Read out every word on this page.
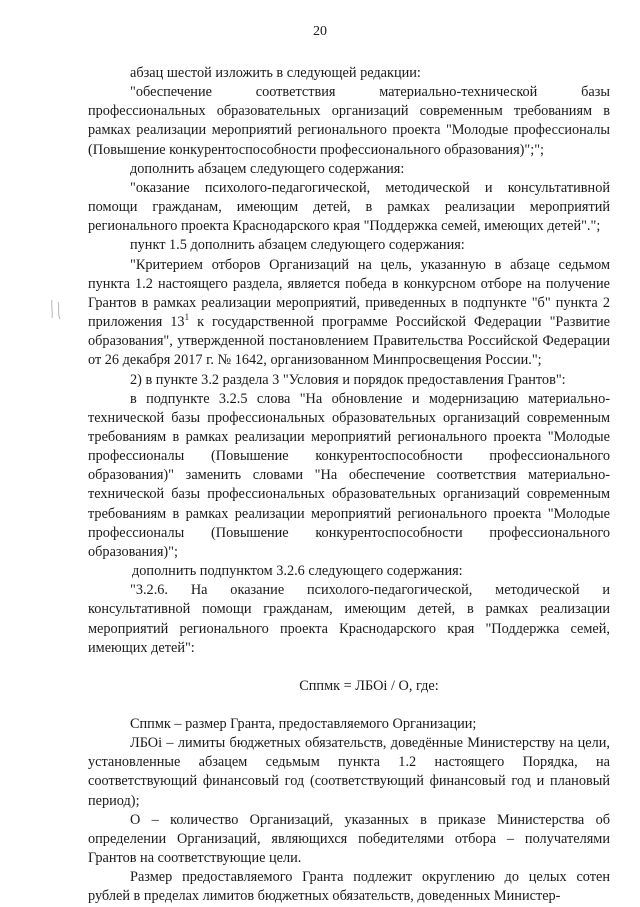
20

абзац шестой изложить в следующей редакции:

"обеспечение соответствия материально-технической базы профессиональных образовательных организаций современным требованиям в рамках реализации мероприятий регионального проекта "Молодые профессионалы (Повышение конкурентоспособности профессионального образования)";";

дополнить абзацем следующего содержания:

"оказание психолого-педагогической, методической и консультативной помощи гражданам, имеющим детей, в рамках реализации мероприятий регионального проекта Краснодарского края "Поддержка семей, имеющих детей".";

пункт 1.5 дополнить абзацем следующего содержания:

"Критерием отборов Организаций на цель, указанную в абзаце седьмом пункта 1.2 настоящего раздела, является победа в конкурсном отборе на получение Грантов в рамках реализации мероприятий, приведенных в подпункте "б" пункта 2 приложения $13^1$ к государственной программе Российской Федерации "Развитие образования", утвержденной постановлением Правительства Российской Федерации от 26 декабря 2017 г. № 1642, организованном Минпросвещения России.";

2) в пункте 3.2 раздела 3 "Условия и порядок предоставления Грантов":

в подпункте 3.2.5 слова "На обновление и модернизацию материально-технической базы профессиональных образовательных организаций современным требованиям в рамках реализации мероприятий регионального проекта "Молодые профессионалы (Повышение конкурентоспособности профессионального образования)" заменить словами "На обеспечение соответствия материально-технической базы профессиональных образовательных организаций современным требованиям в рамках реализации мероприятий регионального проекта "Молодые профессионалы (Повышение конкурентоспособности профессионального образования)";

дополнить подпунктом 3.2.6 следующего содержания:

"3.2.6. На оказание психолого-педагогической, методической и консультативной помощи гражданам, имеющим детей, в рамках реализации мероприятий регионального проекта Краснодарского края "Поддержка семей, имеющих детей":

Сппмк = ЛБОi / О, где:

Сппмк – размер Гранта, предоставляемого Организации;

ЛБОi – лимиты бюджетных обязательств, доведённые Министерству на цели, установленные абзацем седьмым пункта 1.2 настоящего Порядка, на соответствующий финансовый год (соответствующий финансовый год и плановый период);

О – количество Организаций, указанных в приказе Министерства об определении Организаций, являющихся победителями отбора – получателями Грантов на соответствующие цели.

Размер предоставляемого Гранта подлежит округлению до целых сотен рублей в пределах лимитов бюджетных обязательств, доведенных Министер-
